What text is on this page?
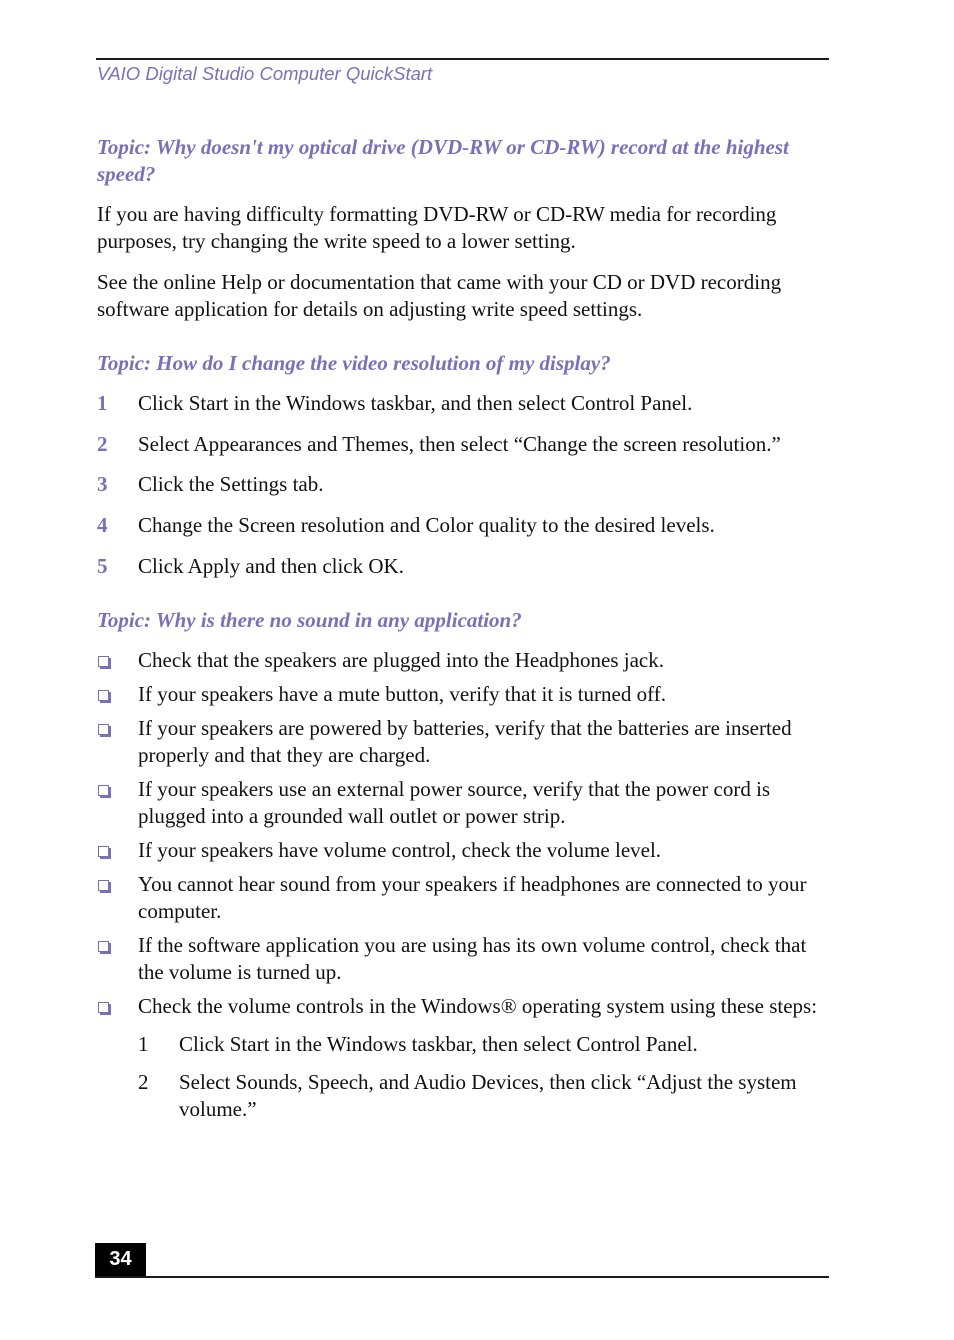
VAIO Digital Studio Computer QuickStart

Topic: Why doesn't my optical drive (DVD-RW or CD-RW) record at the highest speed?

If you are having difficulty formatting DVD-RW or CD-RW media for recording purposes, try changing the write speed to a lower setting.

See the online Help or documentation that came with your CD or DVD recording software application for details on adjusting write speed settings.

Topic: How do I change the video resolution of my display?

1	Click Start in the Windows taskbar, and then select Control Panel.
2	Select Appearances and Themes, then select “Change the screen resolution.”
3	Click the Settings tab.
4	Change the Screen resolution and Color quality to the desired levels.
5	Click Apply and then click OK.

Topic: Why is there no sound in any application?

Check that the speakers are plugged into the Headphones jack.
If your speakers have a mute button, verify that it is turned off.
If your speakers are powered by batteries, verify that the batteries are inserted properly and that they are charged.
If your speakers use an external power source, verify that the power cord is plugged into a grounded wall outlet or power strip.
If your speakers have volume control, check the volume level.
You cannot hear sound from your speakers if headphones are connected to your computer.
If the software application you are using has its own volume control, check that the volume is turned up.
Check the volume controls in the Windows® operating system using these steps:
1	Click Start in the Windows taskbar, then select Control Panel.
2	Select Sounds, Speech, and Audio Devices, then click “Adjust the system volume.”
34
